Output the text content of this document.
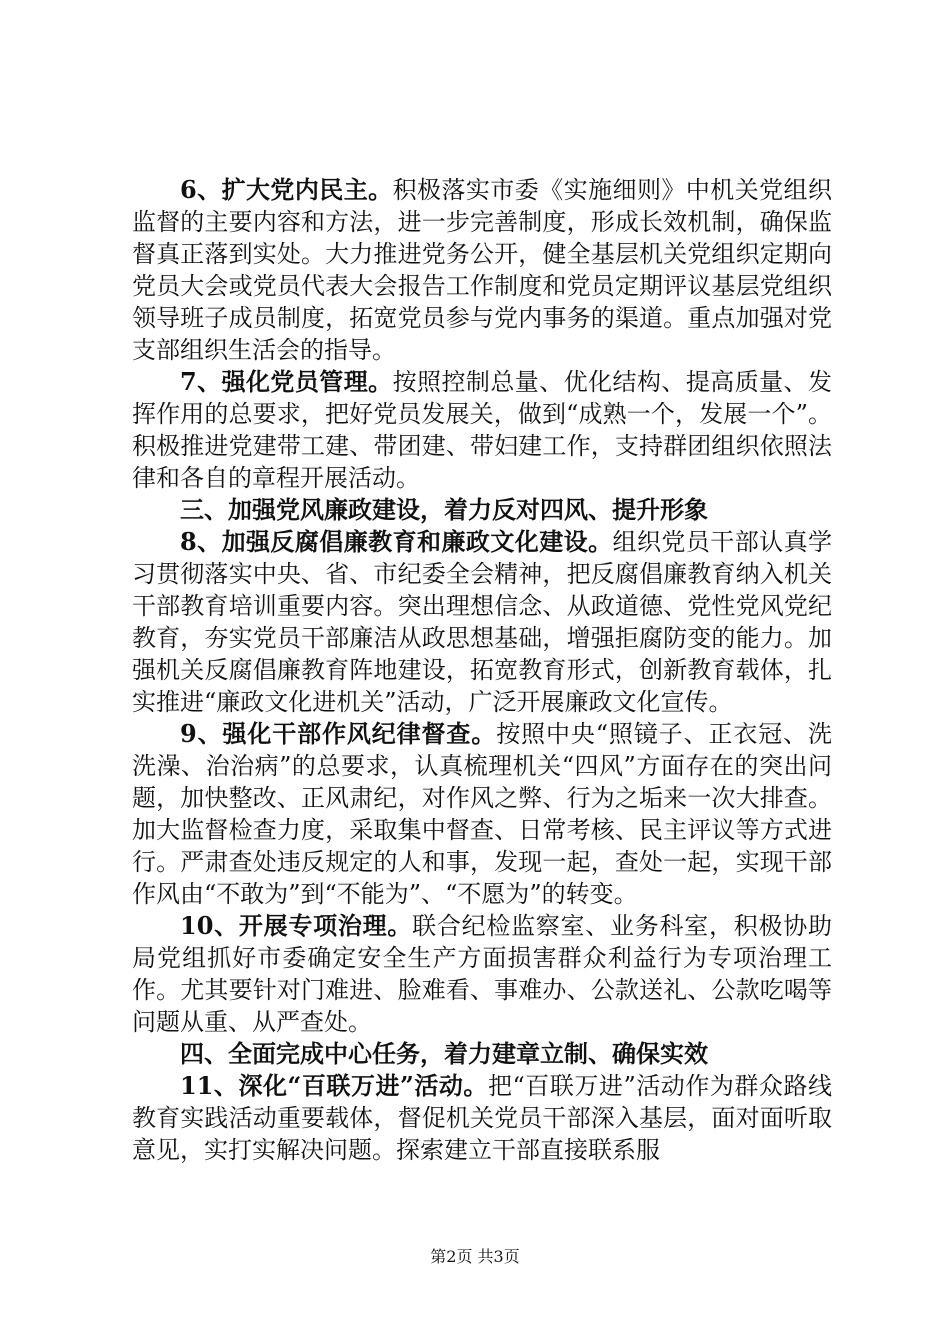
6、扩大党内民主。积极落实市委《实施细则》中机关党组织监督的主要内容和方法，进一步完善制度，形成长效机制，确保监督真正落到实处。大力推进党务公开，健全基层机关党组织定期向党员大会或党员代表大会报告工作制度和党员定期评议基层党组织领导班子成员制度，拓宽党员参与党内事务的渠道。重点加强对党支部组织生活会的指导。

7、强化党员管理。按照控制总量、优化结构、提高质量、发挥作用的总要求，把好党员发展关，做到“成熟一个，发展一个”。积极推进党建带工建、带团建、带妇建工作，支持群团组织依照法律和各自的章程开展活动。

三、加强党风廉政建设，着力反对四风、提升形象

8、加强反腐倡廉教育和廉政文化建设。组织党员干部认真学习贯彻落实中央、省、市纪委全会精神，把反腐倡廉教育纳入机关干部教育培训重要内容。突出理想信念、从政道德、党性党风党纪教育，夯实党员干部廉洁从政思想基础，增强拒腐防变的能力。加强机关反腐倡廉教育阵地建设，拓宽教育形式，创新教育载体，扎实推进“廉政文化进机关”活动，广泛开展廉政文化宣传。

9、强化干部作风纪律督查。按照中央“照镜子、正衣冠、洗洗澡、治治病”的总要求，认真梳理机关“四风”方面存在的突出问题，加快整改、正风肃纪，对作风之弊、行为之垢来一次大排查。加大监督检查力度，采取集中督查、日常考核、民主评议等方式进行。严肃查处违反规定的人和事，发现一起，查处一起，实现干部作风由“不敢为”到“不能为”、“不愿为”的转变。

10、开展专项治理。联合纪检监察室、业务科室，积极协助局党组抓好市委确定安全生产方面损害群众利益行为专项治理工作。尤其要针对门难进、脸难看、事难办、公款送礼、公款吃喝等问题从重、从严查处。

四、全面完成中心任务，着力建章立制、确保实效

11、深化“百联万进”活动。把“百联万进”活动作为群众路线教育实践活动重要载体，督促机关党员干部深入基层，面对面听取意见，实打实解决问题。探索建立干部直接联系服

第2页 共3页
